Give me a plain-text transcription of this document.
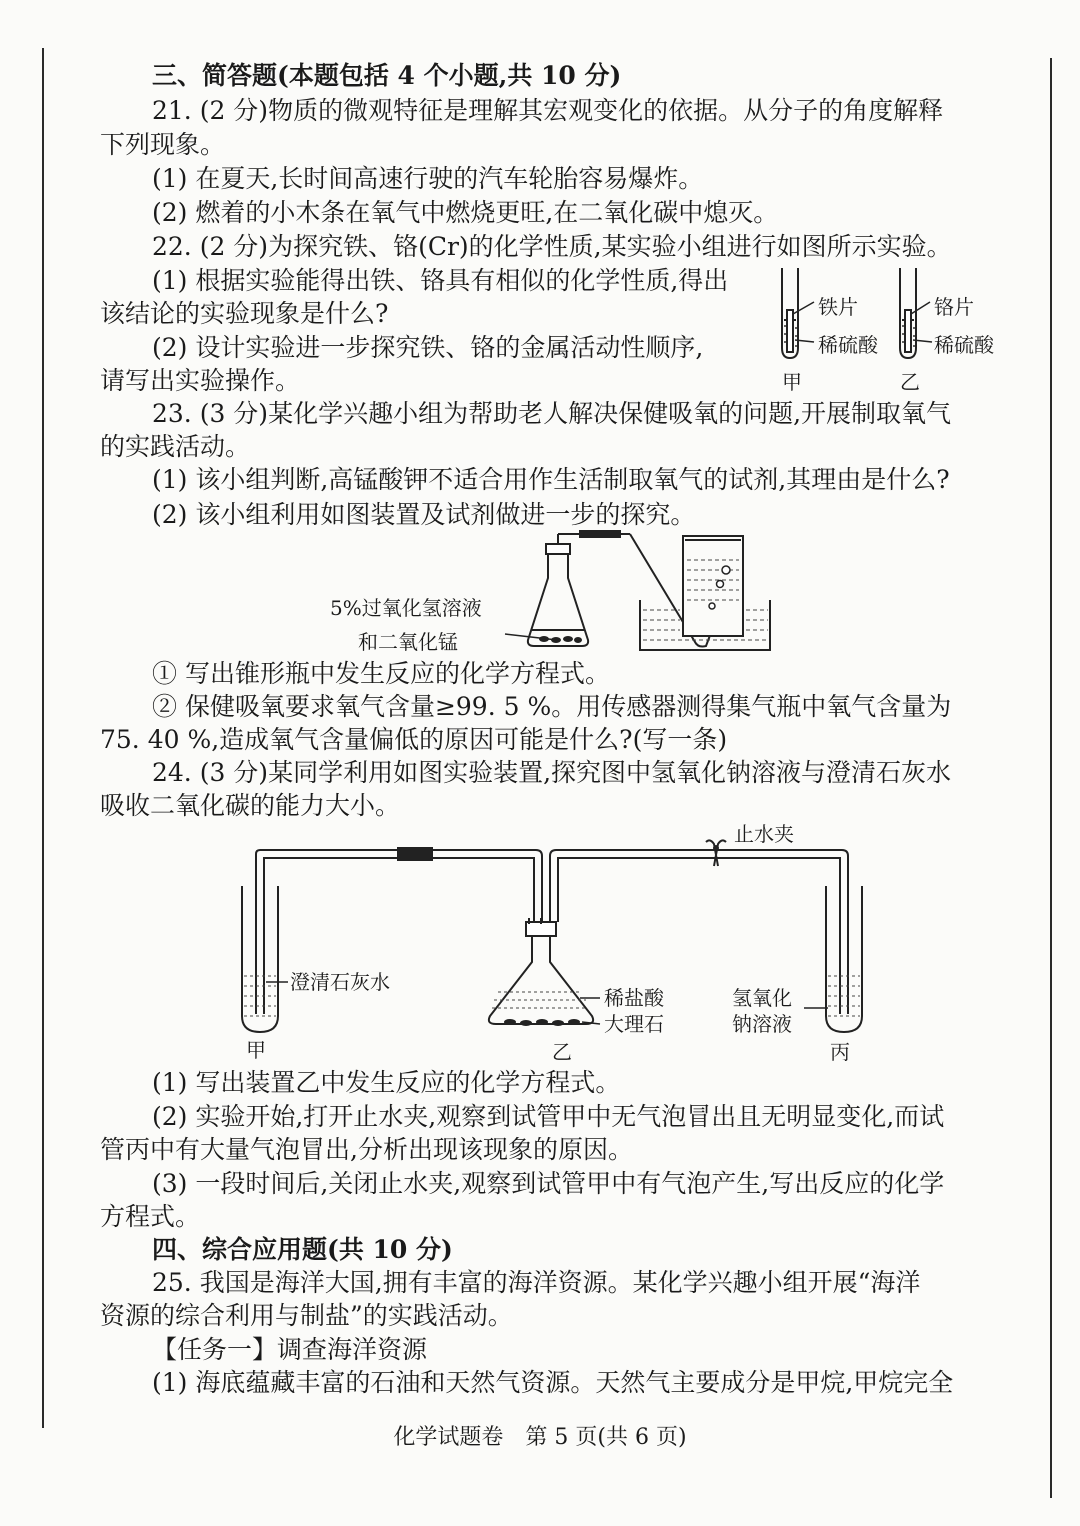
三、简答题(本题包括 4 个小题,共 10 分)
21. (2 分)物质的微观特征是理解其宏观变化的依据。从分子的角度解释
下列现象。
(1) 在夏天,长时间高速行驶的汽车轮胎容易爆炸。
(2) 燃着的小木条在氧气中燃烧更旺,在二氧化碳中熄灭。
22. (2 分)为探究铁、铬(Cr)的化学性质,某实验小组进行如图所示实验。
(1) 根据实验能得出铁、铬具有相似的化学性质,得出
该结论的实验现象是什么?
(2) 设计实验进一步探究铁、铬的金属活动性顺序,
请写出实验操作。
铁片
稀硫酸
铬片
稀硫酸
甲	乙
23. (3 分)某化学兴趣小组为帮助老人解决保健吸氧的问题,开展制取氧气
的实践活动。
(1) 该小组判断,高锰酸钾不适合用作生活制取氧气的试剂,其理由是什么?
(2) 该小组利用如图装置及试剂做进一步的探究。
5%过氧化氢溶液
和二氧化锰
① 写出锥形瓶中发生反应的化学方程式。
② 保健吸氧要求氧气含量≥99. 5 %。用传感器测得集气瓶中氧气含量为
75. 40 %,造成氧气含量偏低的原因可能是什么?(写一条)
24. (3 分)某同学利用如图实验装置,探究图中氢氧化钠溶液与澄清石灰水
吸收二氧化碳的能力大小。
止水夹
澄清石灰水
稀盐酸
大理石
氢氧化
钠溶液
甲	乙	丙
(1) 写出装置乙中发生反应的化学方程式。
(2) 实验开始,打开止水夹,观察到试管甲中无气泡冒出且无明显变化,而试
管丙中有大量气泡冒出,分析出现该现象的原因。
(3) 一段时间后,关闭止水夹,观察到试管甲中有气泡产生,写出反应的化学
方程式。
四、综合应用题(共 10 分)
25. 我国是海洋大国,拥有丰富的海洋资源。某化学兴趣小组开展“海洋
资源的综合利用与制盐”的实践活动。
【任务一】调查海洋资源
(1) 海底蕴藏丰富的石油和天然气资源。天然气主要成分是甲烷,甲烷完全
化学试题卷　第 5 页(共 6 页)
